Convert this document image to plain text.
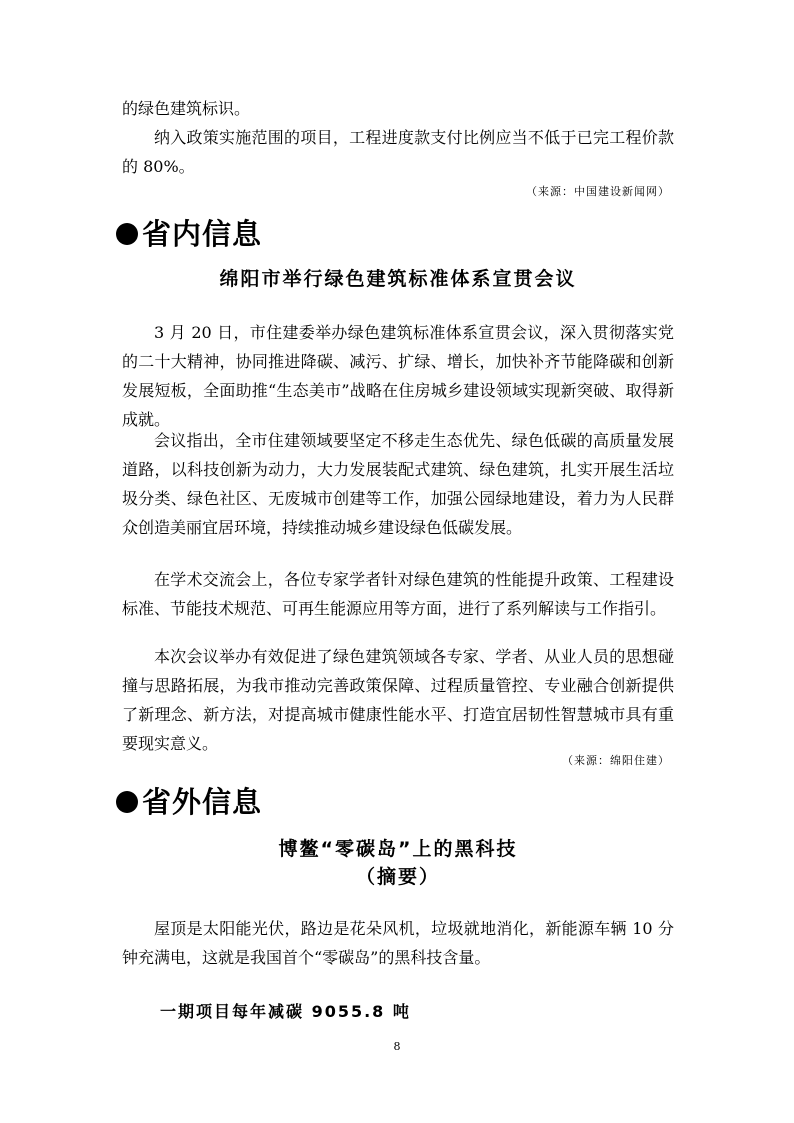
的绿色建筑标识。

纳入政策实施范围的项目，工程进度款支付比例应当不低于已完工程价款的 80%。

（来源：中国建设新闻网）
省内信息
绵阳市举行绿色建筑标准体系宣贯会议

3 月 20 日，市住建委举办绿色建筑标准体系宣贯会议，深入贯彻落实党的二十大精神，协同推进降碳、减污、扩绿、增长，加快补齐节能降碳和创新发展短板，全面助推“生态美市”战略在住房城乡建设领域实现新突破、取得新成就。

会议指出，全市住建领域要坚定不移走生态优先、绿色低碳的高质量发展道路，以科技创新为动力，大力发展装配式建筑、绿色建筑，扎实开展生活垃圾分类、绿色社区、无废城市创建等工作，加强公园绿地建设，着力为人民群众创造美丽宜居环境，持续推动城乡建设绿色低碳发展。

在学术交流会上，各位专家学者针对绿色建筑的性能提升政策、工程建设标准、节能技术规范、可再生能源应用等方面，进行了系列解读与工作指引。

本次会议举办有效促进了绿色建筑领域各专家、学者、从业人员的思想碰撞与思路拓展，为我市推动完善政策保障、过程质量管控、专业融合创新提供了新理念、新方法，对提高城市健康性能水平、打造宜居韧性智慧城市具有重要现实意义。

（来源：绵阳住建）
省外信息
博鳌“零碳岛”上的黑科技
（摘要）

屋顶是太阳能光伏，路边是花朵风机，垃圾就地消化，新能源车辆 10 分钟充满电，这就是我国首个“零碳岛”的黑科技含量。

一期项目每年减碳 9055.8 吨
8
